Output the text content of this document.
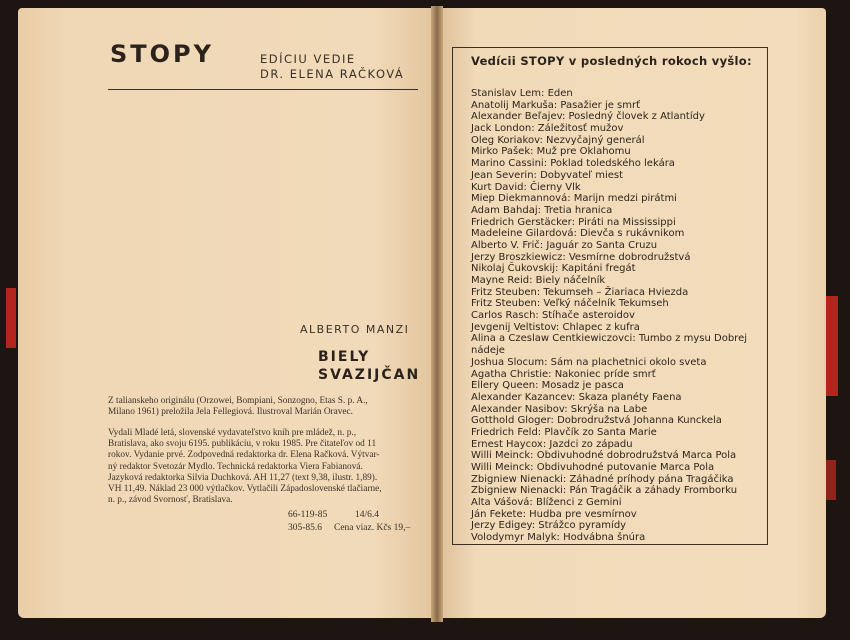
STOPY	EDÍCIU VEDIE
DR. ELENA RAČKOVÁ
ALBERTO MANZI
BIELY
SVAZIJČAN
Z talianskeho originálu (Orzowei, Bompiani, Sonzogno, Etas S. p. A.,
Milano 1961) preložila Jela Fellegiová. Ilustroval Marián Oravec.
Vydali Mladé letá, slovenské vydavateľstvo kníh pre mládež, n. p.,
Bratislava, ako svoju 6195. publikáciu, v roku 1985. Pre čitateľov od 11
rokov. Vydanie prvé. Zodpovedná redaktorka dr. Elena Račková. Výtvar-
ný redaktor Svetozár Mydlo. Technická redaktorka Viera Fabianová.
Jazyková redaktorka Silvia Duchková. AH 11,27 (text 9,38, ilustr. 1,89).
VH 11,49. Náklad 23 000 výtlačkov. Vytlačili Západoslovenské tlačiarne,
n. p., závod Svornosť, Bratislava.
66-119-85	14/6.4
305-85.6 Cena viaz. Kčs 19,–
Vedícii STOPY v posledných rokoch vyšlo:
Stanislav Lem: Eden
Anatolij Markuša: Pasažier je smrť
Alexander Beľajev: Posledný človek z Atlantídy
Jack London: Záležitosť mužov
Oleg Koriakov: Nezvyčajný generál
Mirko Pašek: Muž pre Oklahomu
Marino Cassini: Poklad toledského lekára
Jean Severin: Dobyvateľ miest
Kurt David: Čierny Vlk
Miep Diekmannová: Marijn medzi pirátmi
Adam Bahdaj: Tretia hranica
Friedrich Gerstäcker: Piráti na Mississippi
Madeleine Gilardová: Dievča s rukávnikom
Alberto V. Frič: Jaguár zo Santa Cruzu
Jerzy Broszkiewicz: Vesmírne dobrodružstvá
Nikolaj Čukovskij: Kapitáni fregát
Mayne Reid: Biely náčelník
Fritz Steuben: Tekumseh – Žiariaca Hviezda
Fritz Steuben: Veľký náčelník Tekumseh
Carlos Rasch: Stíhače asteroidov
Jevgenij Veltistov: Chlapec z kufra
Alina a Czeslaw Centkiewiczovci: Tumbo z mysu Dobrej
nádeje
Joshua Slocum: Sám na plachetnici okolo sveta
Agatha Christie: Nakoniec príde smrť
Ellery Queen: Mosadz je pasca
Alexander Kazancev: Skaza planéty Faena
Alexander Nasibov: Skrýša na Labe
Gotthold Gloger: Dobrodružstvá Johanna Kunckela
Friedrich Feld: Plavčík zo Santa Marie
Ernest Haycox: Jazdci zo západu
Willi Meinck: Obdivuhodné dobrodružstvá Marca Pola
Willi Meinck: Obdivuhodné putovanie Marca Pola
Zbigniew Nienacki: Záhadné príhody pána Tragáčika
Zbigniew Nienacki: Pán Tragáčik a záhady Fromborku
Alta Vášová: Blíženci z Gemini
Ján Fekete: Hudba pre vesmírnov
Jerzy Edigey: Strážco pyramídy
Volodymyr Malyk: Hodvábna šnúra
